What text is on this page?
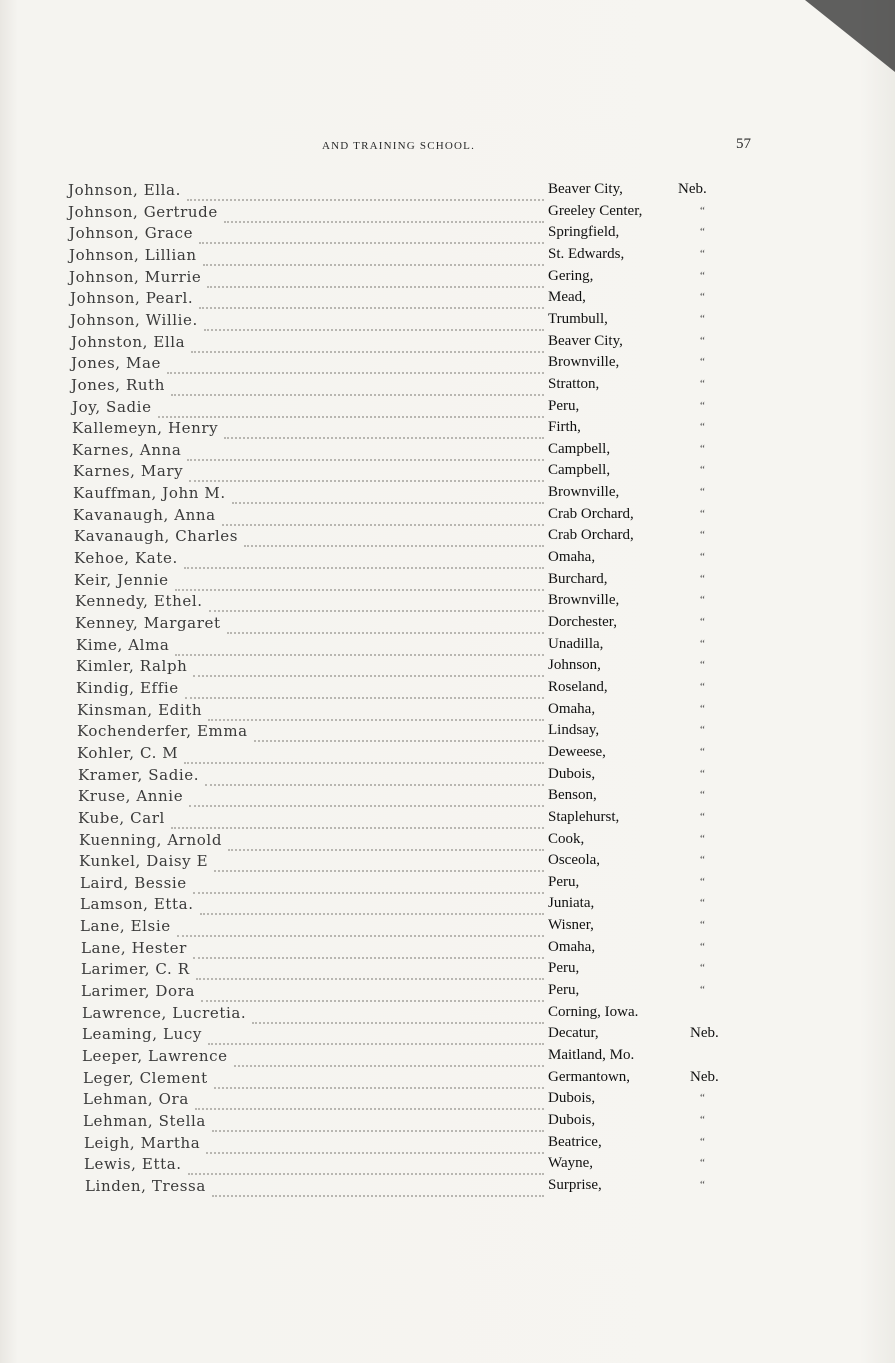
AND TRAINING SCHOOL.	57
Johnson, Ella.	Beaver City,	Neb.
Johnson, Gertrude	Greeley Center,	“
Johnson, Grace	Springfield,	“
Johnson, Lillian	St. Edwards,	“
Johnson, Murrie	Gering,	“
Johnson, Pearl.	Mead,	“
Johnson, Willie.	Trumbull,	“
Johnston, Ella	Beaver City,	“
Jones, Mae	Brownville,	“
Jones, Ruth	Stratton,	“
Joy, Sadie	Peru,	“
Kallemeyn, Henry	Firth,	“
Karnes, Anna	Campbell,	“
Karnes, Mary	Campbell,	“
Kauffman, John M.	Brownville,	“
Kavanaugh, Anna	Crab Orchard,	“
Kavanaugh, Charles	Crab Orchard,	“
Kehoe, Kate.	Omaha,	“
Keir, Jennie	Burchard,	“
Kennedy, Ethel.	Brownville,	“
Kenney, Margaret	Dorchester,	“
Kime, Alma	Unadilla,	“
Kimler, Ralph	Johnson,	“
Kindig, Effie	Roseland,	“
Kinsman, Edith	Omaha,	“
Kochenderfer, Emma	Lindsay,	“
Kohler, C. M	Deweese,	“
Kramer, Sadie.	Dubois,	“
Kruse, Annie	Benson,	“
Kube, Carl	Staplehurst,	“
Kuenning, Arnold	Cook,	“
Kunkel, Daisy E	Osceola,	“
Laird, Bessie	Peru,	“
Lamson, Etta.	Juniata,	“
Lane, Elsie	Wisner,	“
Lane, Hester	Omaha,	“
Larimer, C. R	Peru,	“
Larimer, Dora	Peru,	“
Lawrence, Lucretia.	Corning, Iowa.
Leaming, Lucy	Decatur,	Neb.
Leeper, Lawrence	Maitland, Mo.
Leger, Clement	Germantown,	Neb.
Lehman, Ora	Dubois,	“
Lehman, Stella	Dubois,	“
Leigh, Martha	Beatrice,	“
Lewis, Etta.	Wayne,	“
Linden, Tressa	Surprise,	“
